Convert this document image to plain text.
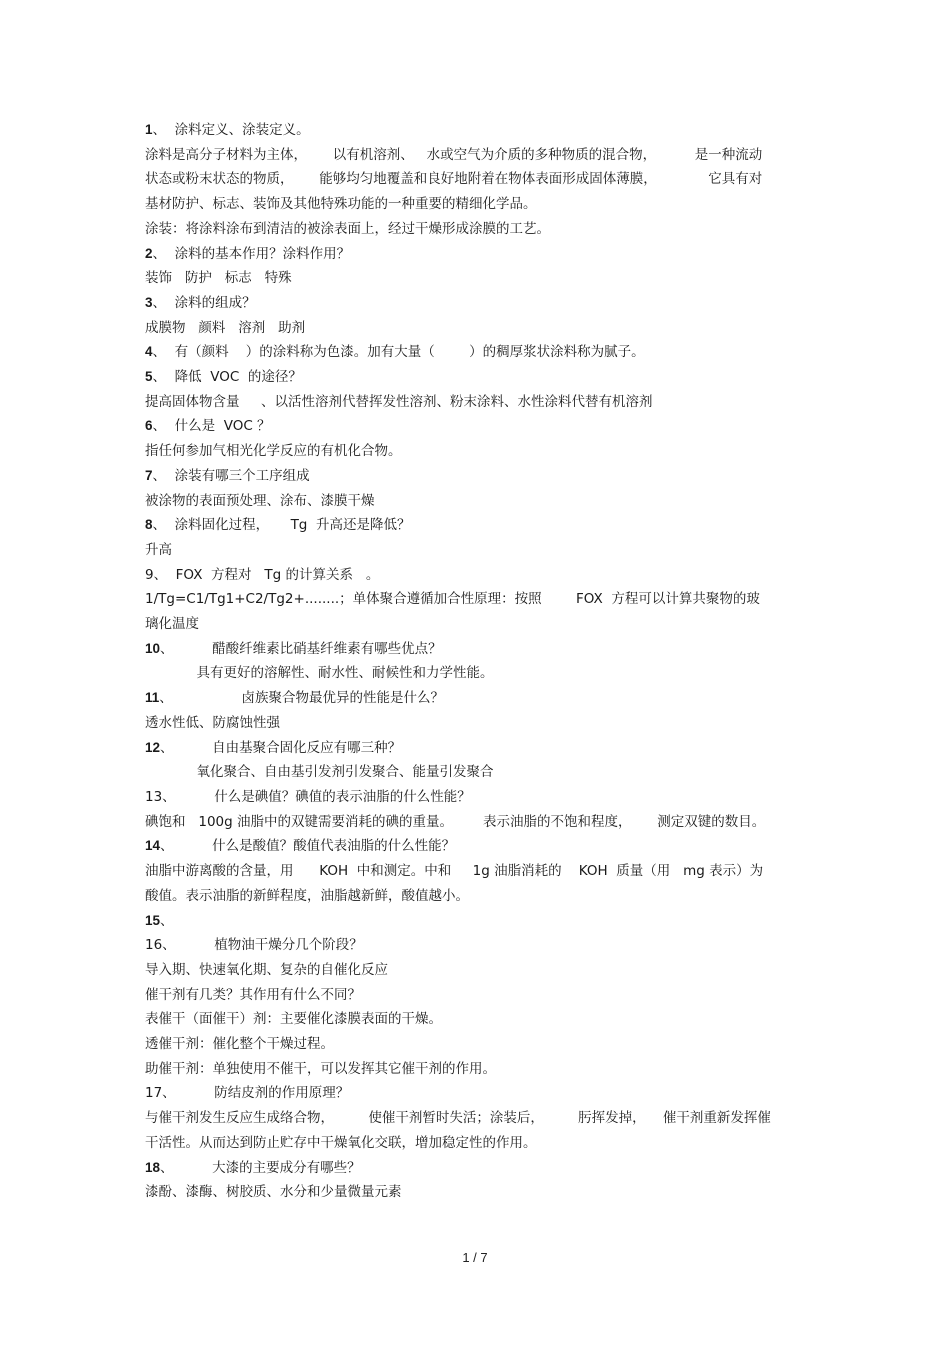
1、  涂料定义、涂装定义。

涂料是高分子材料为主体，      以有机溶剂、   水或空气为介质的多种物质的混合物，         是一种流动

状态或粉末状态的物质，      能够均匀地覆盖和良好地附着在物体表面形成固体薄膜，            它具有对

基材防护、标志、装饰及其他特殊功能的一种重要的精细化学品。

涂装：将涂料涂布到清洁的被涂表面上，经过干燥形成涂膜的工艺。

2、  涂料的基本作用？涂料作用？

装饰   防护   标志   特殊

3、  涂料的组成？

成膜物   颜料   溶剂   助剂

4、  有（颜料    ）的涂料称为色漆。加有大量（        ）的稠厚浆状涂料称为腻子。

5、  降低  VOC  的途径？

提高固体物含量     、以活性溶剂代替挥发性溶剂、粉末涂料、水性涂料代替有机溶剂

6、  什么是  VOC ？

指任何参加气相光化学反应的有机化合物。

7、  涂装有哪三个工序组成

被涂物的表面预处理、涂布、漆膜干燥

8、  涂料固化过程，     Tg  升高还是降低？

升高

9、  FOX  方程对   Tg 的计算关系   。

1/Tg=C1/Tg1+C2/Tg2+........；单体聚合遵循加合性原理：按照        FOX  方程可以计算共聚物的玻

璃化温度

10、         醋酸纤维素比硝基纤维素有哪些优点？

具有更好的溶解性、耐水性、耐候性和力学性能。

11、                卤族聚合物最优异的性能是什么？

透水性低、防腐蚀性强

12、         自由基聚合固化反应有哪三种？

氧化聚合、自由基引发剂引发聚合、能量引发聚合

13、         什么是碘值？碘值的表示油脂的什么性能？

碘饱和   100g 油脂中的双键需要消耗的碘的重量。       表示油脂的不饱和程度，      测定双键的数目。

14、         什么是酸值？酸值代表油脂的什么性能？

油脂中游离酸的含量，用      KOH  中和测定。中和     1g 油脂消耗的    KOH  质量（用   mg 表示）为

酸值。表示油脂的新鲜程度，油脂越新鲜，酸值越小。

15、

16、         植物油干燥分几个阶段？

导入期、快速氧化期、复杂的自催化反应

催干剂有几类？其作用有什么不同？

表催干（面催干）剂：主要催化漆膜表面的干燥。

透催干剂：催化整个干燥过程。

助催干剂：单独使用不催干，可以发挥其它催干剂的作用。

17、         防结皮剂的作用原理？

与催干剂发生反应生成络合物，        使催干剂暂时失活；涂装后，        肟挥发掉，    催干剂重新发挥催

干活性。从而达到防止贮存中干燥氧化交联，增加稳定性的作用。

18、         大漆的主要成分有哪些？

漆酚、漆酶、树胶质、水分和少量微量元素

1 / 7
